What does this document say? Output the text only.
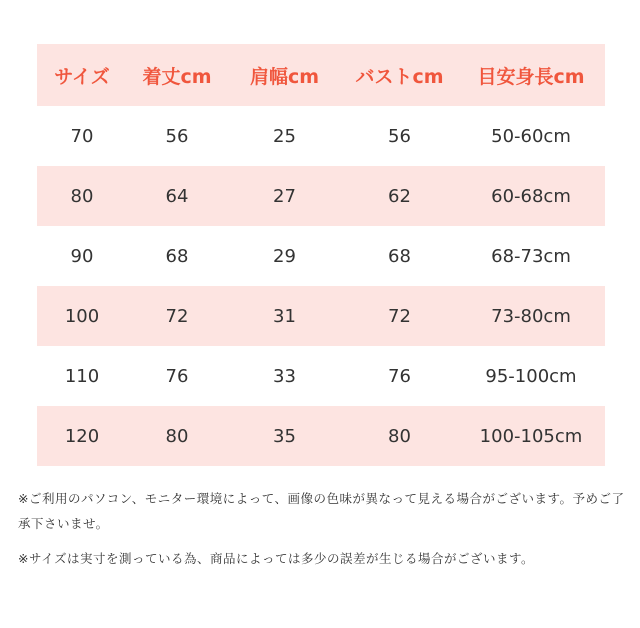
サイズ	着丈cm	肩幅cm	バストcm	目安身長cm
70	56	25	56	50-60cm
80	64	27	62	60-68cm
90	68	29	68	68-73cm
100	72	31	72	73-80cm
110	76	33	76	95-100cm
120	80	35	80	100-105cm

※ご利用のパソコン、モニター環境によって、画像の色味が異なって見える場合がございます。予めご了承下さいませ。

※サイズは実寸を測っている為、商品によっては多少の誤差が生じる場合がございます。
